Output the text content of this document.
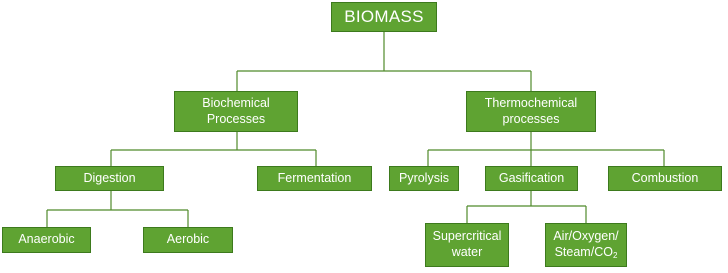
BIOMASS
Biochemical
Processes
Thermochemical
processes
Digestion	Fermentation	Pyrolysis	Gasification	Combustion
Anaerobic	Aerobic	Supercritical
water
Air/Oxygen/
Steam/$CO_2$
